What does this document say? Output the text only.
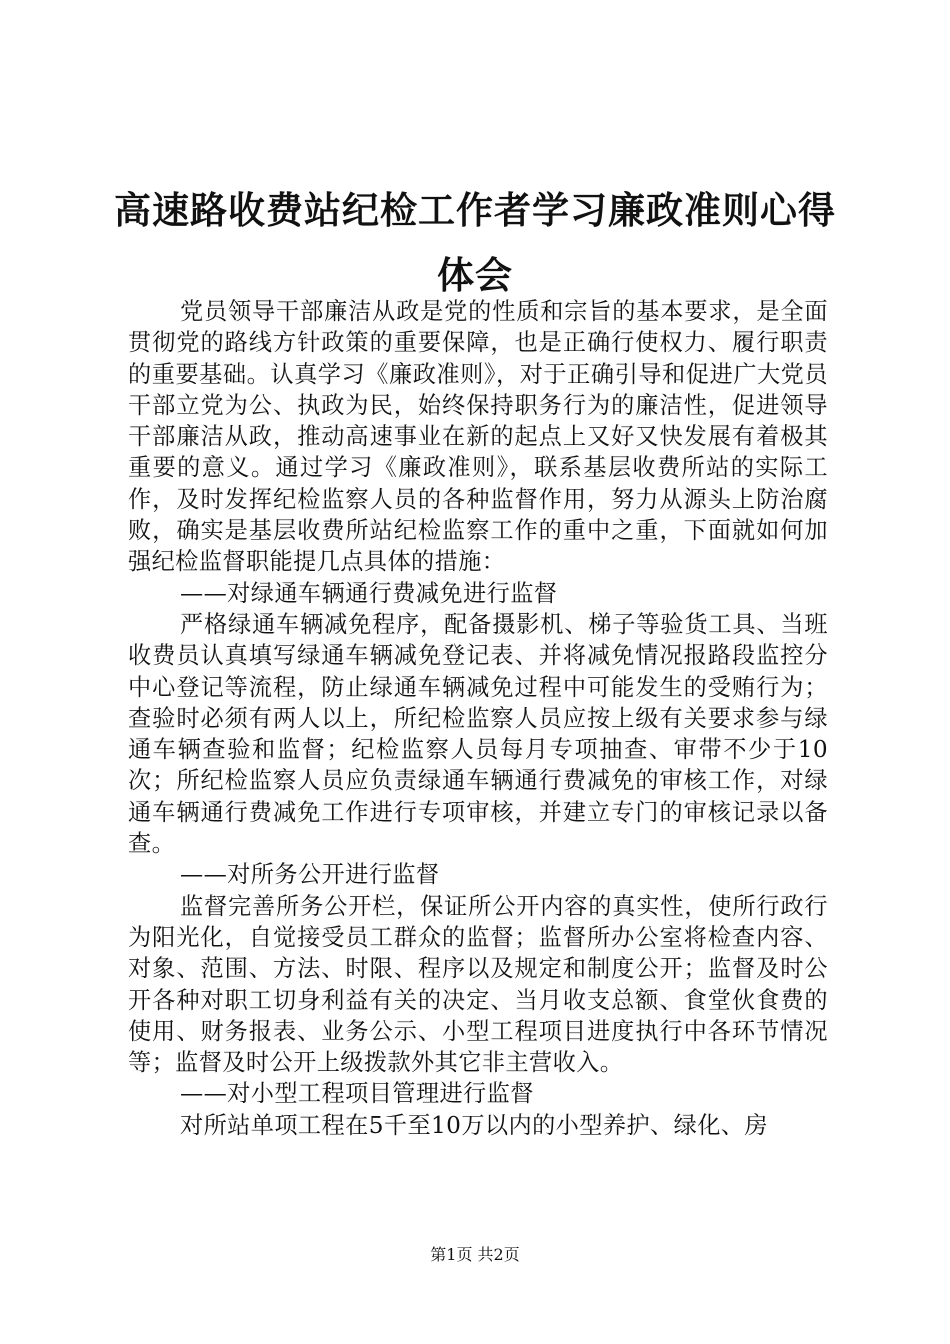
高速路收费站纪检工作者学习廉政准则心得体会

党员领导干部廉洁从政是党的性质和宗旨的基本要求，是全面贯彻党的路线方针政策的重要保障，也是正确行使权力、履行职责的重要基础。认真学习《廉政准则》，对于正确引导和促进广大党员干部立党为公、执政为民，始终保持职务行为的廉洁性，促进领导干部廉洁从政，推动高速事业在新的起点上又好又快发展有着极其重要的意义。通过学习《廉政准则》，联系基层收费所站的实际工作，及时发挥纪检监察人员的各种监督作用，努力从源头上防治腐败，确实是基层收费所站纪检监察工作的重中之重，下面就如何加强纪检监督职能提几点具体的措施：

——对绿通车辆通行费减免进行监督

严格绿通车辆减免程序，配备摄影机、梯子等验货工具、当班收费员认真填写绿通车辆减免登记表、并将减免情况报路段监控分中心登记等流程，防止绿通车辆减免过程中可能发生的受贿行为；查验时必须有两人以上，所纪检监察人员应按上级有关要求参与绿通车辆查验和监督；纪检监察人员每月专项抽查、审带不少于10次；所纪检监察人员应负责绿通车辆通行费减免的审核工作，对绿通车辆通行费减免工作进行专项审核，并建立专门的审核记录以备查。

——对所务公开进行监督

监督完善所务公开栏，保证所公开内容的真实性，使所行政行为阳光化，自觉接受员工群众的监督；监督所办公室将检查内容、对象、范围、方法、时限、程序以及规定和制度公开；监督及时公开各种对职工切身利益有关的决定、当月收支总额、食堂伙食费的使用、财务报表、业务公示、小型工程项目进度执行中各环节情况等；监督及时公开上级拨款外其它非主营收入。

——对小型工程项目管理进行监督

对所站单项工程在5千至10万以内的小型养护、绿化、房

第1页 共2页
